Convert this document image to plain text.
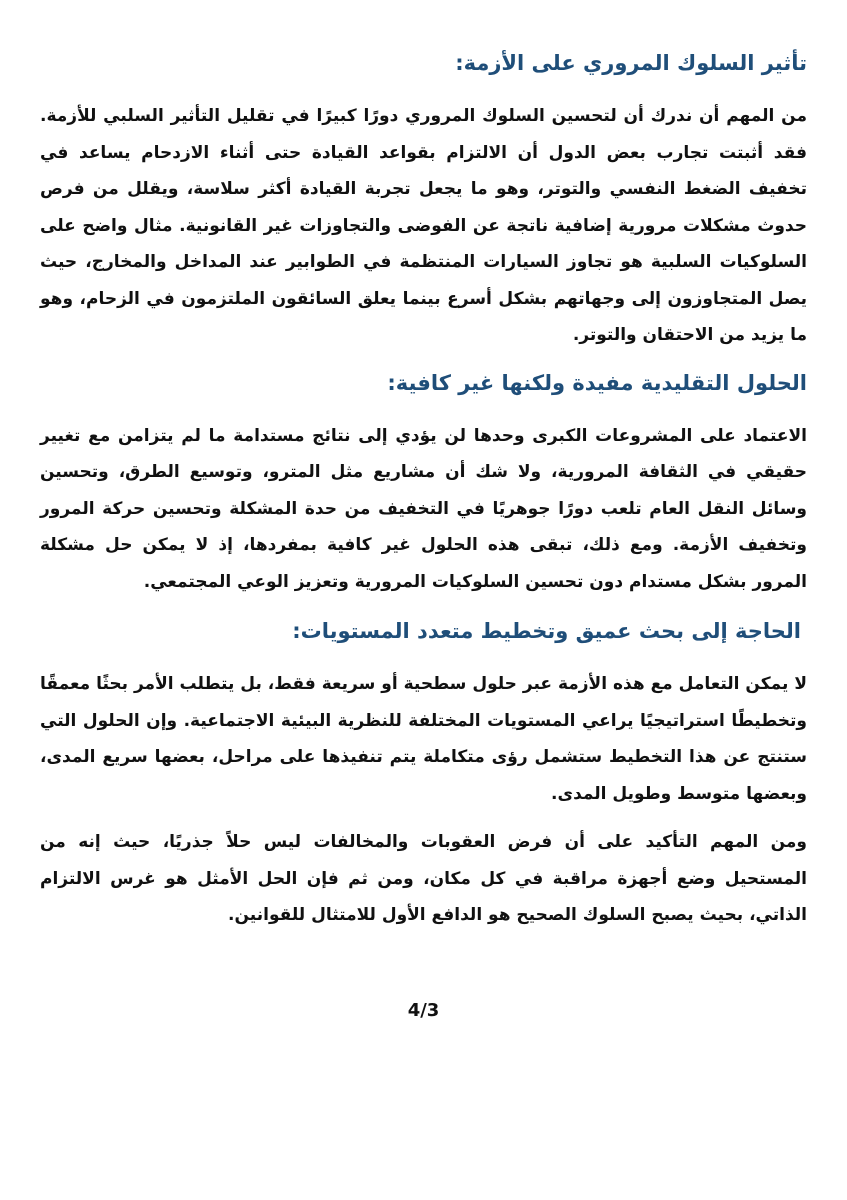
تأثير السلوك المروري على الأزمة:

من المهم أن ندرك أن لتحسين السلوك المروري دورًا كبيرًا في تقليل التأثير السلبي للأزمة. فقد أثبتت تجارب بعض الدول أن الالتزام بقواعد القيادة حتى أثناء الازدحام يساعد في تخفيف الضغط النفسي والتوتر، وهو ما يجعل تجربة القيادة أكثر سلاسة، ويقلل من فرص حدوث مشكلات مرورية إضافية ناتجة عن الفوضى والتجاوزات غير القانونية. مثال واضح على السلوكيات السلبية هو تجاوز السيارات المنتظمة في الطوابير عند المداخل والمخارج، حيث يصل المتجاوزون إلى وجهاتهم بشكل أسرع بينما يعلق السائقون الملتزمون في الزحام، وهو ما يزيد من الاحتقان والتوتر.

الحلول التقليدية مفيدة ولكنها غير كافية:

الاعتماد على المشروعات الكبرى وحدها لن يؤدي إلى نتائج مستدامة ما لم يتزامن مع تغيير حقيقي في الثقافة المرورية، ولا شك أن مشاريع مثل المترو، وتوسيع الطرق، وتحسين وسائل النقل العام تلعب دورًا جوهريًا في التخفيف من حدة المشكلة وتحسين حركة المرور وتخفيف الأزمة. ومع ذلك، تبقى هذه الحلول غير كافية بمفردها، إذ لا يمكن حل مشكلة المرور بشكل مستدام دون تحسين السلوكيات المرورية وتعزيز الوعي المجتمعي.

الحاجة إلى بحث عميق وتخطيط متعدد المستويات:

لا يمكن التعامل مع هذه الأزمة عبر حلول سطحية أو سريعة فقط، بل يتطلب الأمر بحثًا معمقًا وتخطيطًا استراتيجيًا يراعي المستويات المختلفة للنظرية البيئية الاجتماعية. وإن الحلول التي ستنتج عن هذا التخطيط ستشمل رؤى متكاملة يتم تنفيذها على مراحل، بعضها سريع المدى، وبعضها متوسط وطويل المدى.

ومن المهم التأكيد على أن فرض العقوبات والمخالفات ليس حلاً جذريًا، حيث إنه من المستحيل وضع أجهزة مراقبة في كل مكان، ومن ثم فإن الحل الأمثل هو غرس الالتزام الذاتي، بحيث يصبح السلوك الصحيح هو الدافع الأول للامتثال للقوانين.

4/3
